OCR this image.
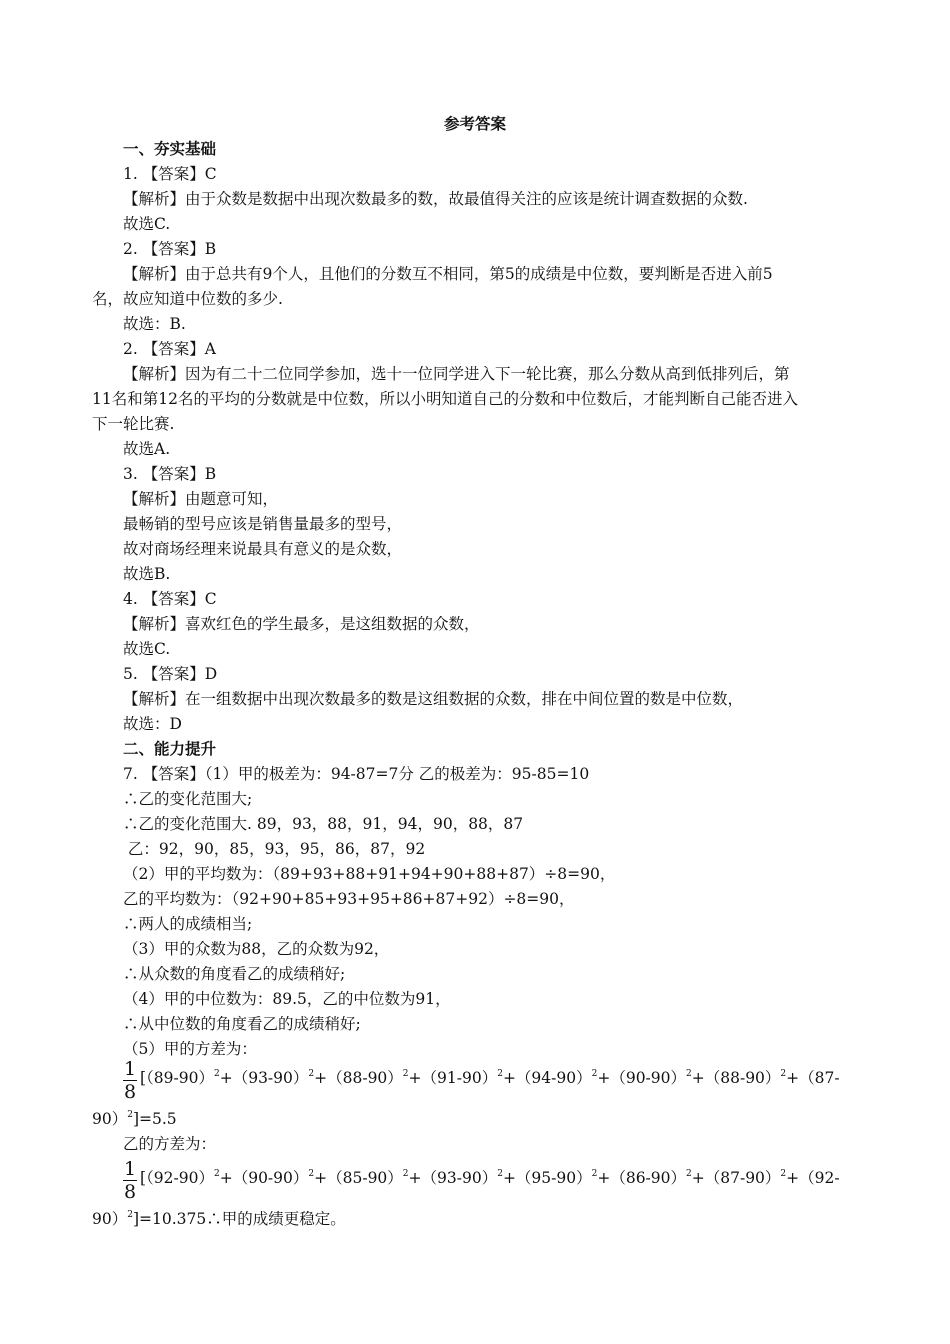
参考答案
一、夯实基础
1. 【答案】C
【解析】由于众数是数据中出现次数最多的数，故最值得关注的应该是统计调查数据的众数.
故选C.
2. 【答案】B
【解析】由于总共有9个人，且他们的分数互不相同，第5的成绩是中位数，要判断是否进入前5
名，故应知道中位数的多少.
故选：B.
2. 【答案】A
【解析】因为有二十二位同学参加，选十一位同学进入下一轮比赛，那么分数从高到低排列后，第
11名和第12名的平均的分数就是中位数，所以小明知道自己的分数和中位数后，才能判断自己能否进入
下一轮比赛.
故选A.
3. 【答案】B
【解析】由题意可知，
最畅销的型号应该是销售量最多的型号，
故对商场经理来说最具有意义的是众数，
故选B.
4. 【答案】C
【解析】喜欢红色的学生最多，是这组数据的众数，
故选C.
5. 【答案】D
【解析】在一组数据中出现次数最多的数是这组数据的众数，排在中间位置的数是中位数，
故选：D
二、能力提升
7. 【答案】（1）甲的极差为：94-87=7分 乙的极差为：95-85=10
∴乙的变化范围大;
∴乙的变化范围大. 89，93，88，91，94，90，88，87
乙：92，90，85，93，95，86，87，92
（2）甲的平均数为：（89+93+88+91+94+90+88+87）÷8=90，
乙的平均数为：（92+90+85+93+95+86+87+92）÷8=90，
∴两人的成绩相当;
（3）甲的众数为88，乙的众数为92，
∴从众数的角度看乙的成绩稍好;
（4）甲的中位数为：89.5，乙的中位数为91，
∴从中位数的角度看乙的成绩稍好;
（5）甲的方差为：
1
8
[$(89-90)^2+(93-90)^2+(88-90)^2+(91-90)^2+(94-90)^2+(90-90)^2+(88-90)^2+(87-$
90）$^2$]=5.5
乙的方差为：
1
8
[$(92-90)^2+(90-90)^2+(85-90)^2+(93-90)^2+(95-90)^2+(86-90)^2+(87-90)^2+(92-$
90）$^2$]=10.375∴甲的成绩更稳定。
